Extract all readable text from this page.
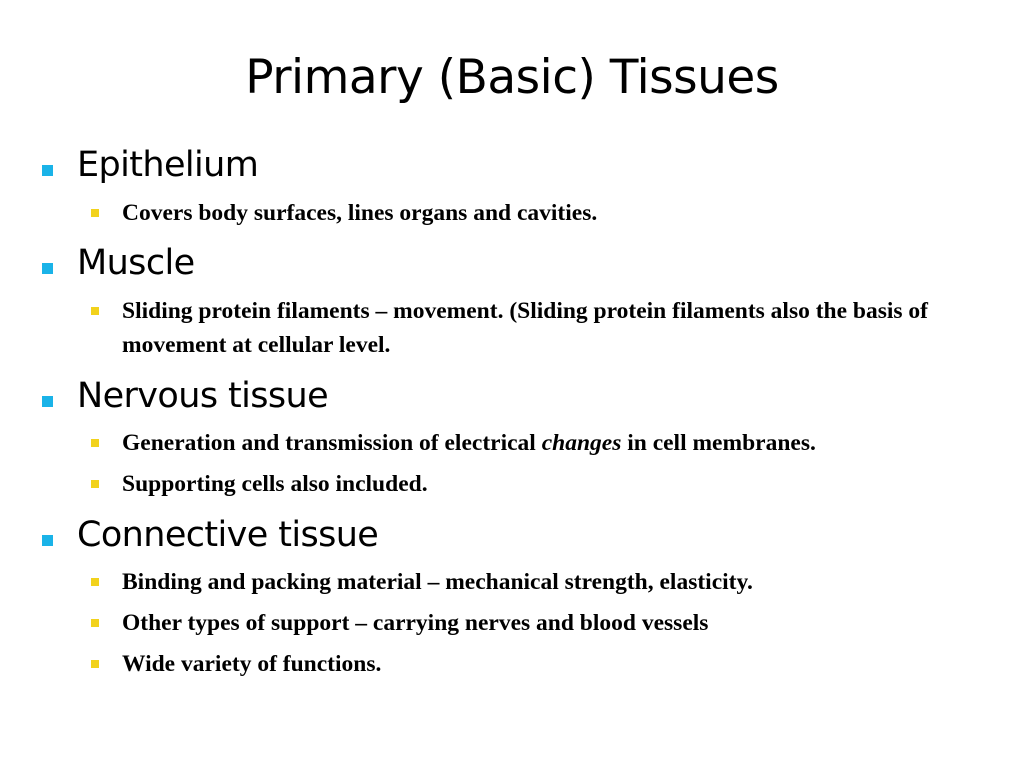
Primary (Basic) Tissues
Epithelium
Covers body surfaces, lines organs and cavities.
Muscle
Sliding protein filaments – movement. (Sliding protein filaments also the basis of movement at cellular level.
Nervous tissue
Generation and transmission of electrical changes in cell membranes.
Supporting cells also included.
Connective tissue
Binding and packing material – mechanical strength, elasticity.
Other types of support – carrying nerves and blood vessels
Wide variety of functions.
